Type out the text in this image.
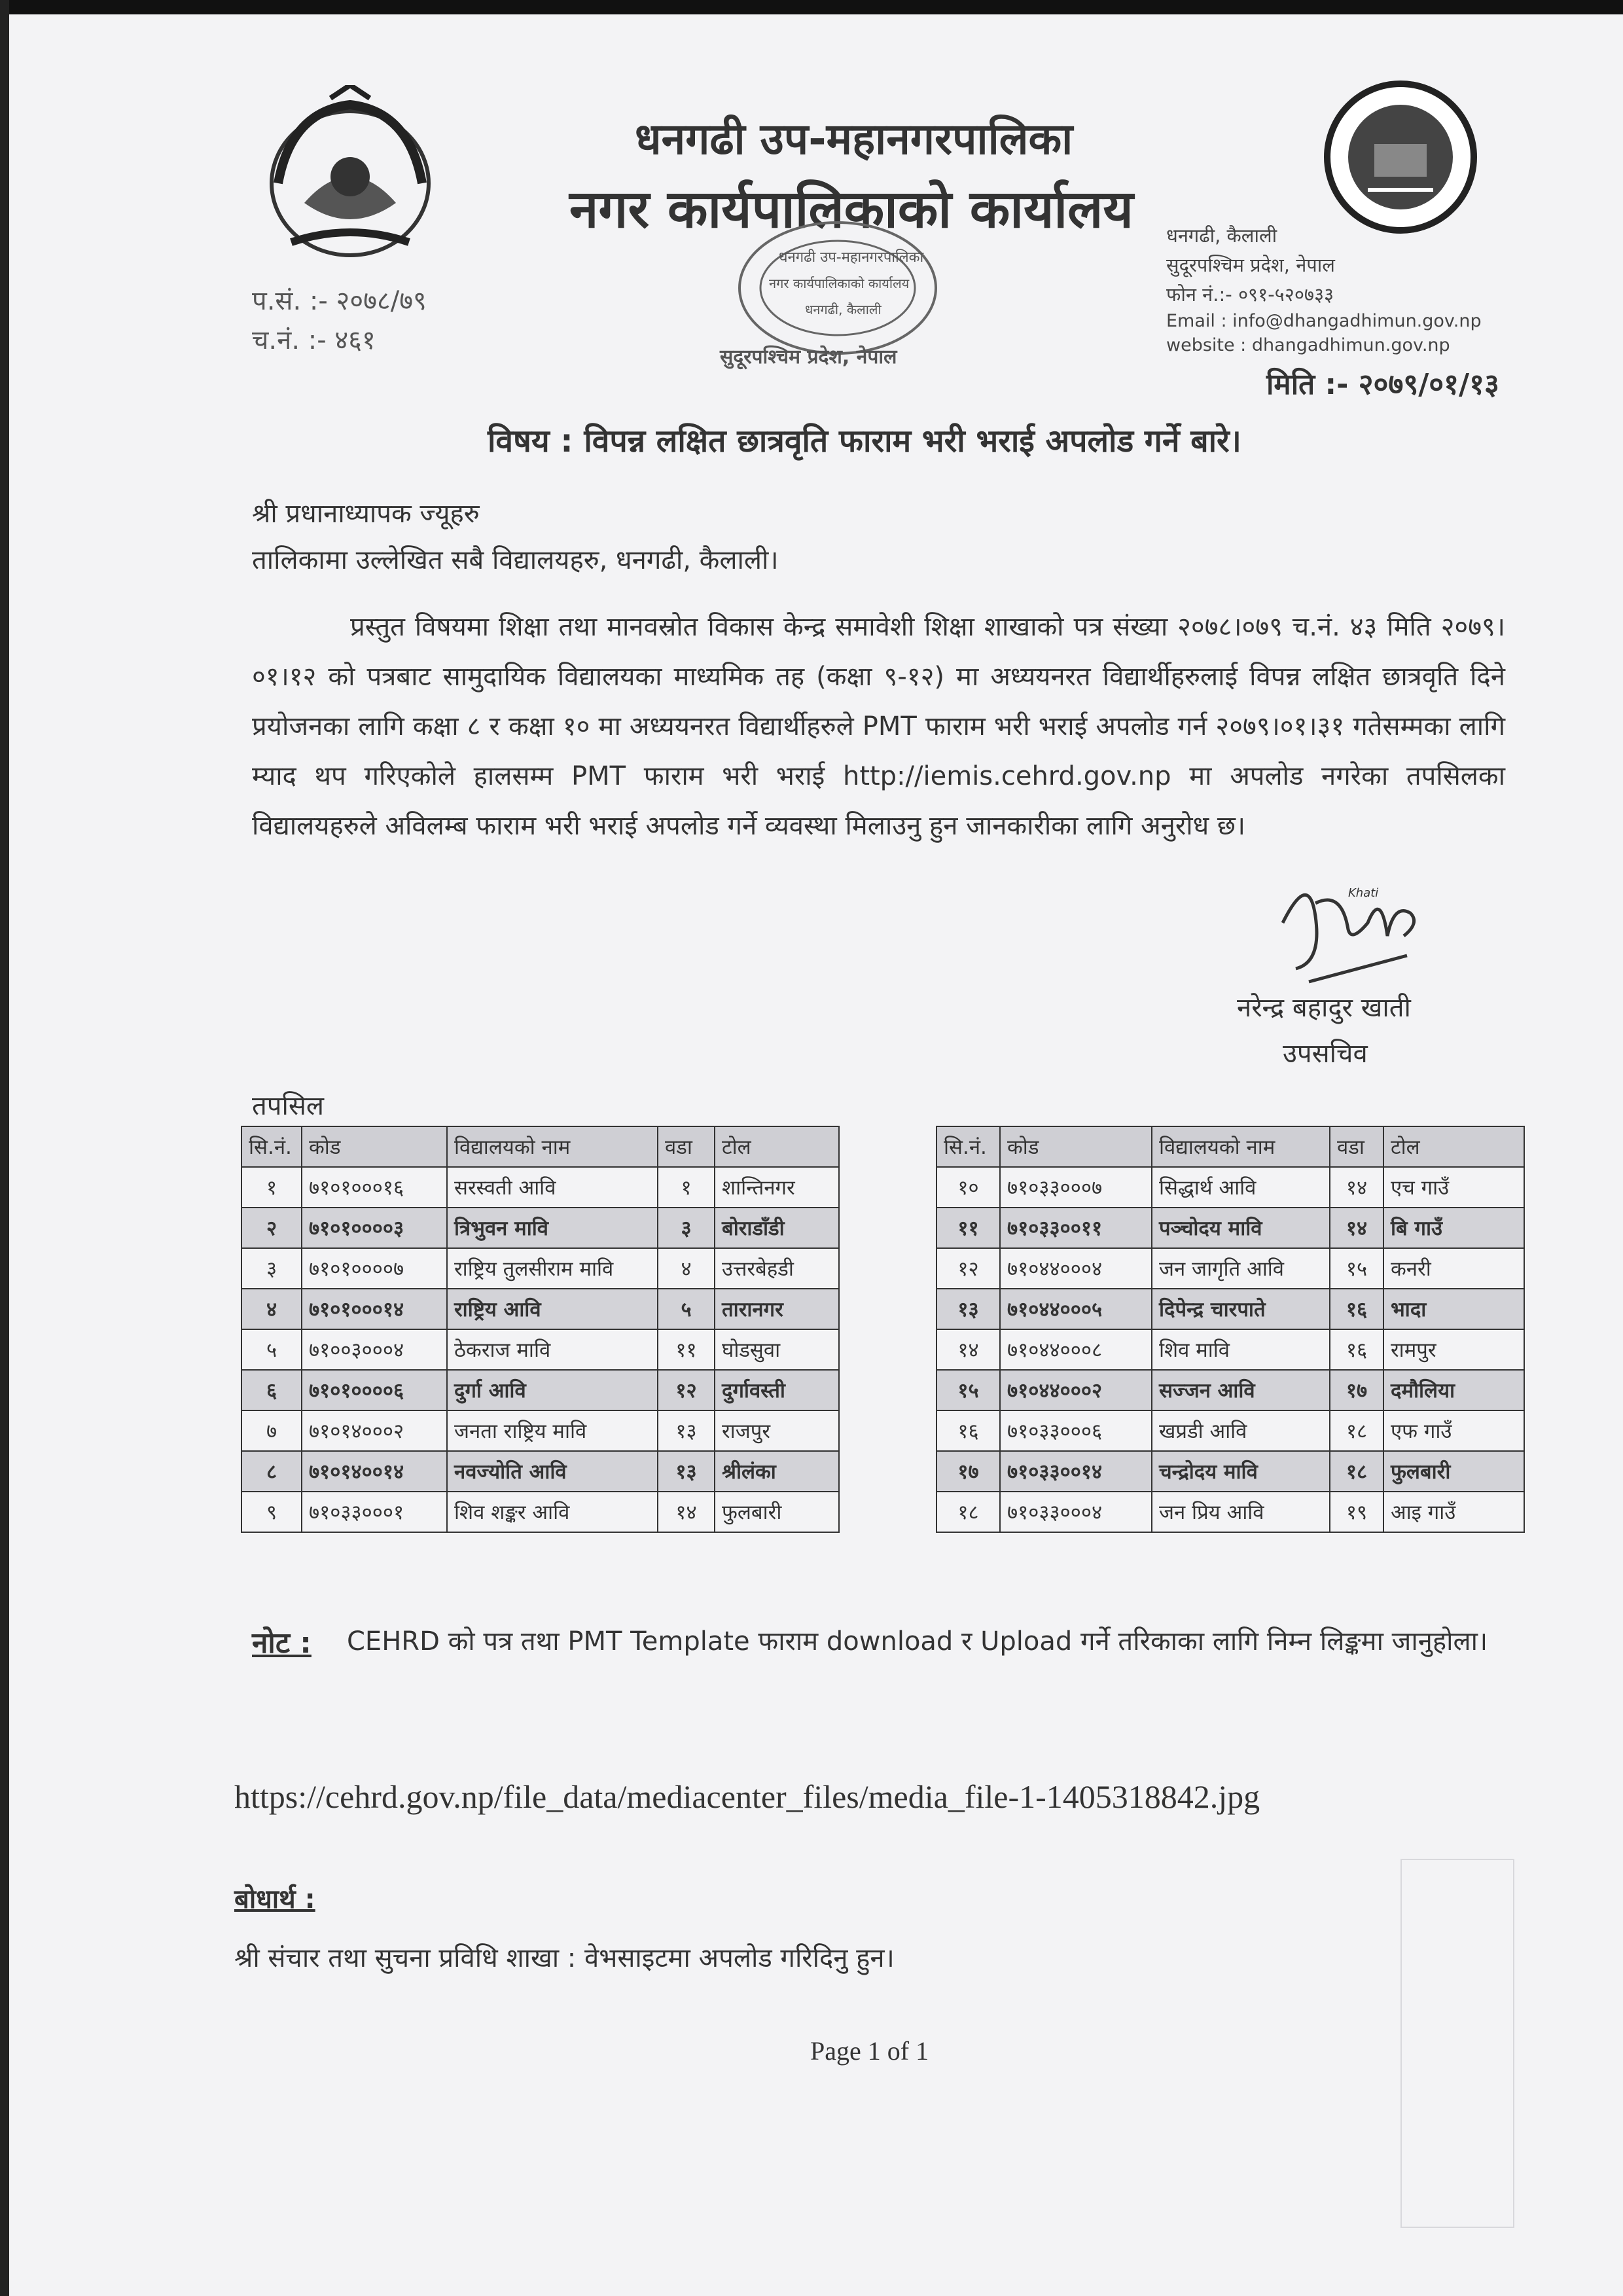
धनगढी उप-महानगरपालिका
नगर कार्यपालिकाको कार्यालय
प.सं. :- २०७८/७९
च.नं. :- ४६१
धनगढी उप-महानगरपालिका
नगर कार्यपालिकाको कार्यालय
धनगढी, कैलाली
सुदूरपश्चिम प्रदेश, नेपाल
धनगढी, कैलाली
सुदूरपश्चिम प्रदेश, नेपाल
फोन नं.:- ०९१-५२०७३३
Email : info@dhangadhimun.gov.np
website : dhangadhimun.gov.np
मिति :- २०७९/०१/१३
विषय : विपन्न लक्षित छात्रवृति फाराम भरी भराई अपलोड गर्ने बारे।
श्री प्रधानाध्यापक ज्यूहरु
तालिकामा उल्लेखित सबै विद्यालयहरु, धनगढी, कैलाली।
प्रस्तुत विषयमा शिक्षा तथा मानवस्रोत विकास केन्द्र समावेशी शिक्षा शाखाको पत्र संख्या २०७८।०७९ च.नं. ४३ मिति २०७९।०१।१२ को पत्रबाट सामुदायिक विद्यालयका माध्यमिक तह (कक्षा ९-१२) मा अध्ययनरत विद्यार्थीहरुलाई विपन्न लक्षित छात्रवृति दिने प्रयोजनका लागि कक्षा ८ र कक्षा १० मा अध्ययनरत विद्यार्थीहरुले PMT फाराम भरी भराई अपलोड गर्न २०७९।०१।३१ गतेसम्मका लागि म्याद थप गरिएकोले हालसम्म PMT फाराम भरी भराई http://iemis.cehrd.gov.np मा अपलोड नगरेका तपसिलका विद्यालयहरुले अविलम्ब फाराम भरी भराई अपलोड गर्ने व्यवस्था मिलाउनु हुन जानकारीका लागि अनुरोध छ।
Khati
नरेन्द्र बहादुर खाती
उपसचिव
तपसिल
सि.नं.	कोड	विद्यालयको नाम	वडा	टोल
१	७१०१०००१६	सरस्वती आवि	१	शान्तिनगर
२	७१०१००००३	त्रिभुवन मावि	३	बोराडाँडी
३	७१०१००००७	राष्ट्रिय तुलसीराम मावि	४	उत्तरबेहडी
४	७१०१०००१४	राष्ट्रिय आवि	५	तारानगर
५	७१००३०००४	ठेकराज मावि	११	घोडसुवा
६	७१०१००००६	दुर्गा आवि	१२	दुर्गावस्ती
७	७१०१४०००२	जनता राष्ट्रिय मावि	१३	राजपुर
८	७१०१४००१४	नवज्योति आवि	१३	श्रीलंका
९	७१०३३०००१	शिव शङ्कर आवि	१४	फुलबारी
सि.नं.	कोड	विद्यालयको नाम	वडा	टोल
१०	७१०३३०००७	सिद्धार्थ आवि	१४	एच गाउँ
११	७१०३३००११	पञ्चोदय मावि	१४	बि गाउँ
१२	७१०४४०००४	जन जागृति आवि	१५	कनरी
१३	७१०४४०००५	दिपेन्द्र चारपाते	१६	भादा
१४	७१०४४०००८	शिव मावि	१६	रामपुर
१५	७१०४४०००२	सज्जन आवि	१७	दमौलिया
१६	७१०३३०००६	खप्रडी आवि	१८	एफ गाउँ
१७	७१०३३००१४	चन्द्रोदय मावि	१८	फुलबारी
१८	७१०३३०००४	जन प्रिय आवि	१९	आइ गाउँ
नोट : CEHRD को पत्र तथा PMT Template फाराम download र Upload गर्ने तरिकाका लागि निम्न लिङ्कमा जानुहोला।
https://cehrd.gov.np/file_data/mediacenter_files/media_file-1-1405318842.jpg
बोधार्थ :
श्री संचार तथा सुचना प्रविधि शाखा : वेभसाइटमा अपलोड गरिदिनु हुन।
Page 1 of 1
